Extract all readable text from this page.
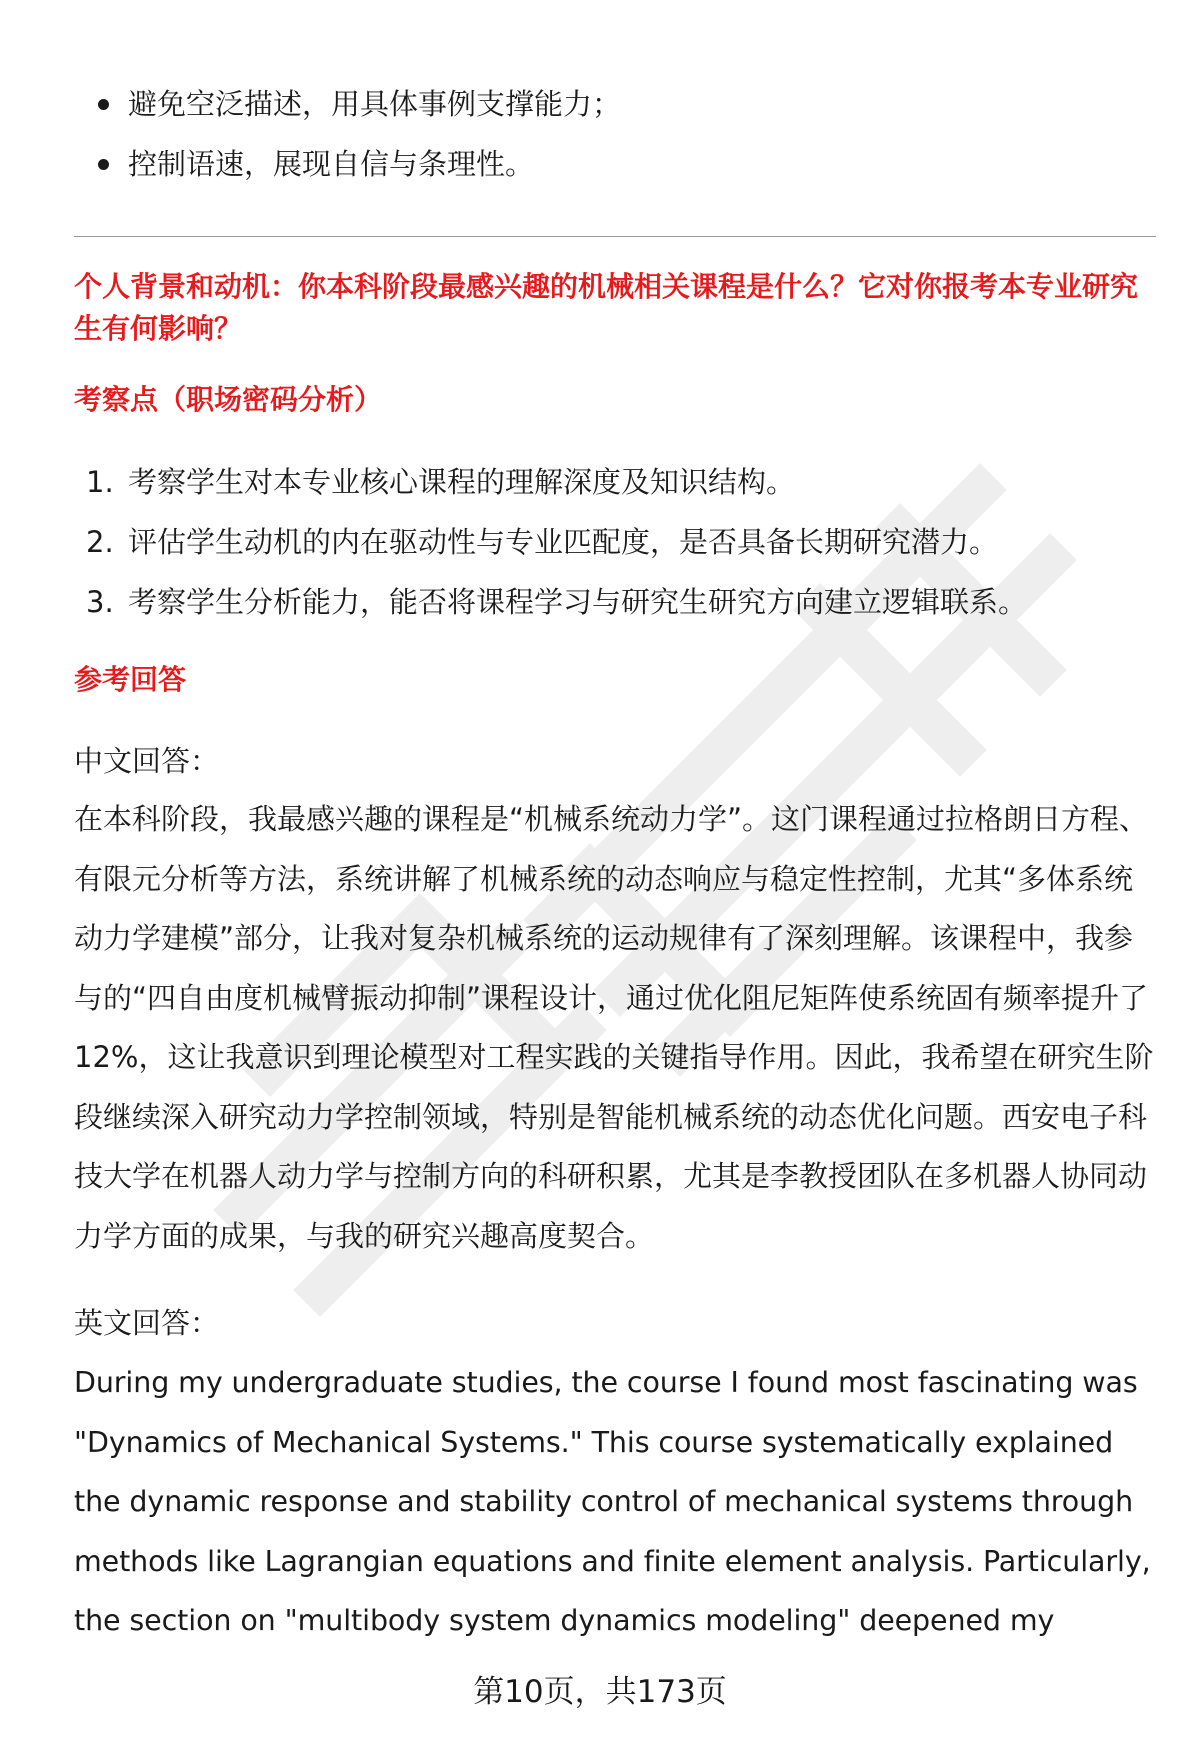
避免空泛描述，用具体事例支撑能力；
控制语速，展现自信与条理性。
个人背景和动机：你本科阶段最感兴趣的机械相关课程是什么？它对你报考本专业研究生有何影响？
考察点（职场密码分析）
1. 考察学生对本专业核心课程的理解深度及知识结构。
2. 评估学生动机的内在驱动性与专业匹配度，是否具备长期研究潜力。
3. 考察学生分析能力，能否将课程学习与研究生研究方向建立逻辑联系。
参考回答
中文回答：

在本科阶段，我最感兴趣的课程是“机械系统动力学”。这门课程通过拉格朗日方程、有限元分析等方法，系统讲解了机械系统的动态响应与稳定性控制，尤其“多体系统动力学建模”部分，让我对复杂机械系统的运动规律有了深刻理解。该课程中，我参与的“四自由度机械臂振动抑制”课程设计，通过优化阻尼矩阵使系统固有频率提升了12%，这让我意识到理论模型对工程实践的关键指导作用。因此，我希望在研究生阶段继续深入研究动力学控制领域，特别是智能机械系统的动态优化问题。西安电子科技大学在机器人动力学与控制方向的科研积累，尤其是李教授团队在多机器人协同动力学方面的成果，与我的研究兴趣高度契合。

英文回答：

During my undergraduate studies, the course I found most fascinating was "Dynamics of Mechanical Systems." This course systematically explained the dynamic response and stability control of mechanical systems through methods like Lagrangian equations and finite element analysis. Particularly, the section on "multibody system dynamics modeling" deepened my

第10页，共173页
